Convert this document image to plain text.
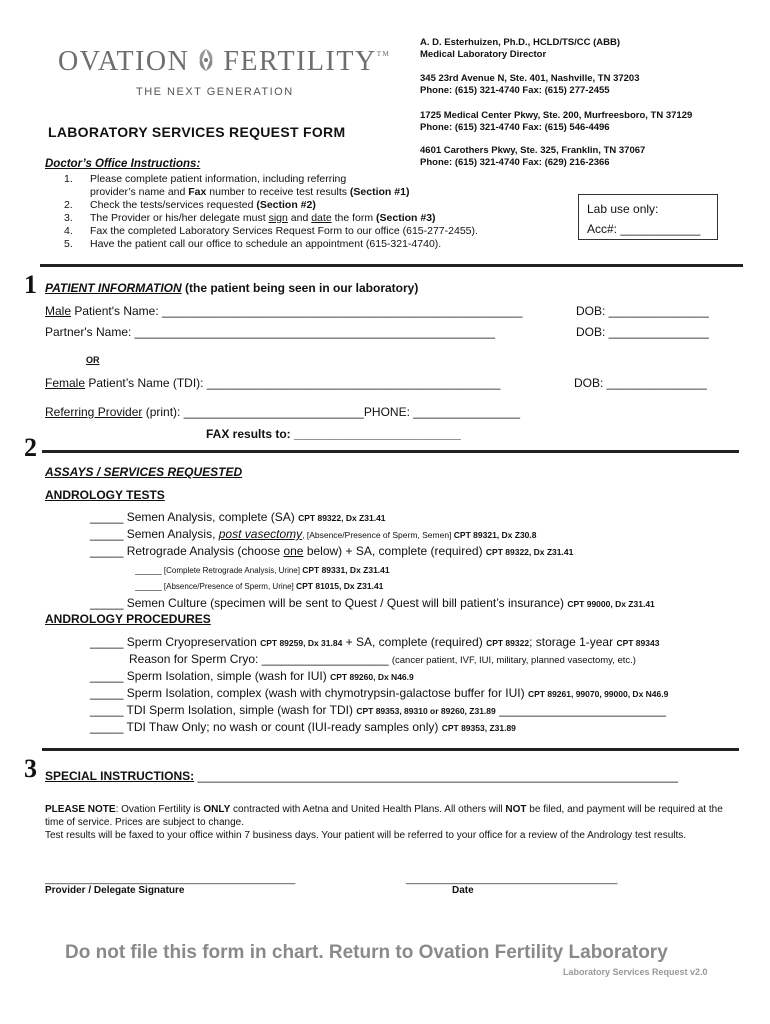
OVATION FERTILITY™
THE NEXT GENERATION
A. D. Esterhuizen, Ph.D., HCLD/TS/CC (ABB)
Medical Laboratory Director
345 23rd Avenue N, Ste. 401, Nashville, TN 37203
Phone: (615) 321-4740 Fax: (615) 277-2455
1725 Medical Center Pkwy, Ste. 200, Murfreesboro, TN 37129
Phone: (615) 321-4740 Fax: (615) 546-4496
4601 Carothers Pkwy, Ste. 325, Franklin, TN 37067
Phone: (615) 321-4740 Fax: (629) 216-2366
LABORATORY SERVICES REQUEST FORM
Doctor’s Office Instructions:
1. Please complete patient information, including referring
provider’s name and Fax number to receive test results (Section #1)
2. Check the tests/services requested (Section #2)
3. The Provider or his/her delegate must sign and date the form (Section #3)
4. Fax the completed Laboratory Services Request Form to our office (615-277-2455).
5. Have the patient call our office to schedule an appointment (615-321-4740).
Lab use only:
Acc#: ____________
1 PATIENT INFORMATION (the patient being seen in our laboratory)
Male Patient's Name: ______________________________________________________	DOB: _______________
Partner's Name: ______________________________________________________	DOB: _______________
OR
Female Patient’s Name (TDI): ____________________________________________	DOB: _______________
Referring Provider (print): ___________________________PHONE: ________________
FAX results to: _________________________
2
ASSAYS / SERVICES REQUESTED
ANDROLOGY TESTS
_____ Semen Analysis, complete (SA) CPT 89322, Dx Z31.41
_____ Semen Analysis, post vasectomy, [Absence/Presence of Sperm, Semen] CPT 89321, Dx Z30.8
_____ Retrograde Analysis (choose one below) + SA, complete (required) CPT 89322, Dx Z31.41
______ [Complete Retrograde Analysis, Urine] CPT 89331, Dx Z31.41
______ [Absence/Presence of Sperm, Urine] CPT 81015, Dx Z31.41
_____ Semen Culture (specimen will be sent to Quest / Quest will bill patient’s insurance) CPT 99000, Dx Z31.41
ANDROLOGY PROCEDURES
_____ Sperm Cryopreservation CPT 89259, Dx 31.84 + SA, complete (required) CPT 89322; storage 1-year CPT 89343
Reason for Sperm Cryo: ___________________ (cancer patient, IVF, IUI, military, planned vasectomy, etc.)
_____ Sperm Isolation, simple (wash for IUI) CPT 89260, Dx N46.9
_____ Sperm Isolation, complex (wash with chymotrypsin-galactose buffer for IUI) CPT 89261, 99070, 99000, Dx N46.9
_____ TDI Sperm Isolation, simple (wash for TDI) CPT 89353, 89310 or 89260, Z31.89 _________________________
_____ TDI Thaw Only; no wash or count (IUI-ready samples only) CPT 89353, Z31.89
3 SPECIAL INSTRUCTIONS: ________________________________________________________________________
PLEASE NOTE: Ovation Fertility is ONLY contracted with Aetna and United Health Plans. All others will NOT be filed, and payment will be required at the time of service. Prices are subject to change.
Test results will be faxed to your office within 7 business days. Your patient will be referred to your office for a review of the Andrology test results.
_____________________________________________
Provider / Delegate Signature
______________________________________
Date
Do not file this form in chart. Return to Ovation Fertility Laboratory
Laboratory Services Request v2.0
